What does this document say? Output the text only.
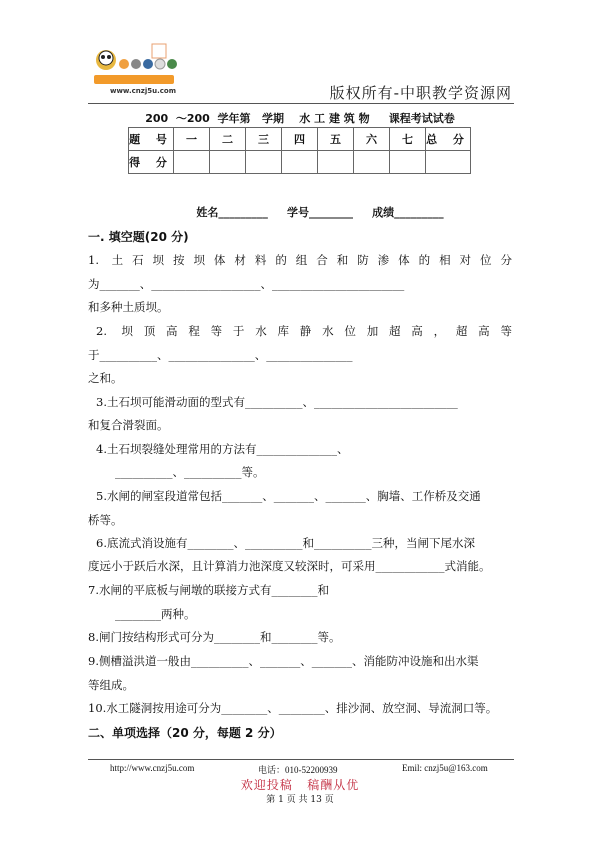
www.cnzj5u.com	版权所有-中职教学资源网
200  ～200  学年第   学期    水 工 建 筑 物     课程考试试卷
题 号	一	二	三	四	五	六	七	总 分
得 分								
姓名_________     学号________     成绩_________
一. 填空题(20 分)
1. 土石坝按坝体材料的组合和防渗体的相对位分
为_______、___________________、_______________________
和多种土质坝。
2. 坝顶高程等于水库静水位加超高，超高等
于__________、_______________、_______________
之和。
3.土石坝可能滑动面的型式有__________、_________________________
和复合滑裂面。
4.土石坝裂缝处理常用的方法有______________、
__________、__________等。
5.水闸的闸室段道常包括_______、_______、_______、胸墙、工作桥及交通
桥等。
6.底流式消设施有________、__________和__________三种，当闸下尾水深
度远小于跃后水深，且计算消力池深度又较深时，可采用____________式消能。
7.水闸的平底板与闸墩的联接方式有________和
________两种。
8.闸门按结构形式可分为________和________等。
9.侧槽溢洪道一般由__________、_______、_______、消能防冲设施和出水渠
等组成。
10.水工隧洞按用途可分为________、________、排沙洞、放空洞、导流洞口等。
二、单项选择（20 分，每题 2 分）
http://www.cnzj5u.com	电话：010-52200939	Emil: cnzj5u@163.com
欢迎投稿   稿酬从优
第 1 页 共 13 页
